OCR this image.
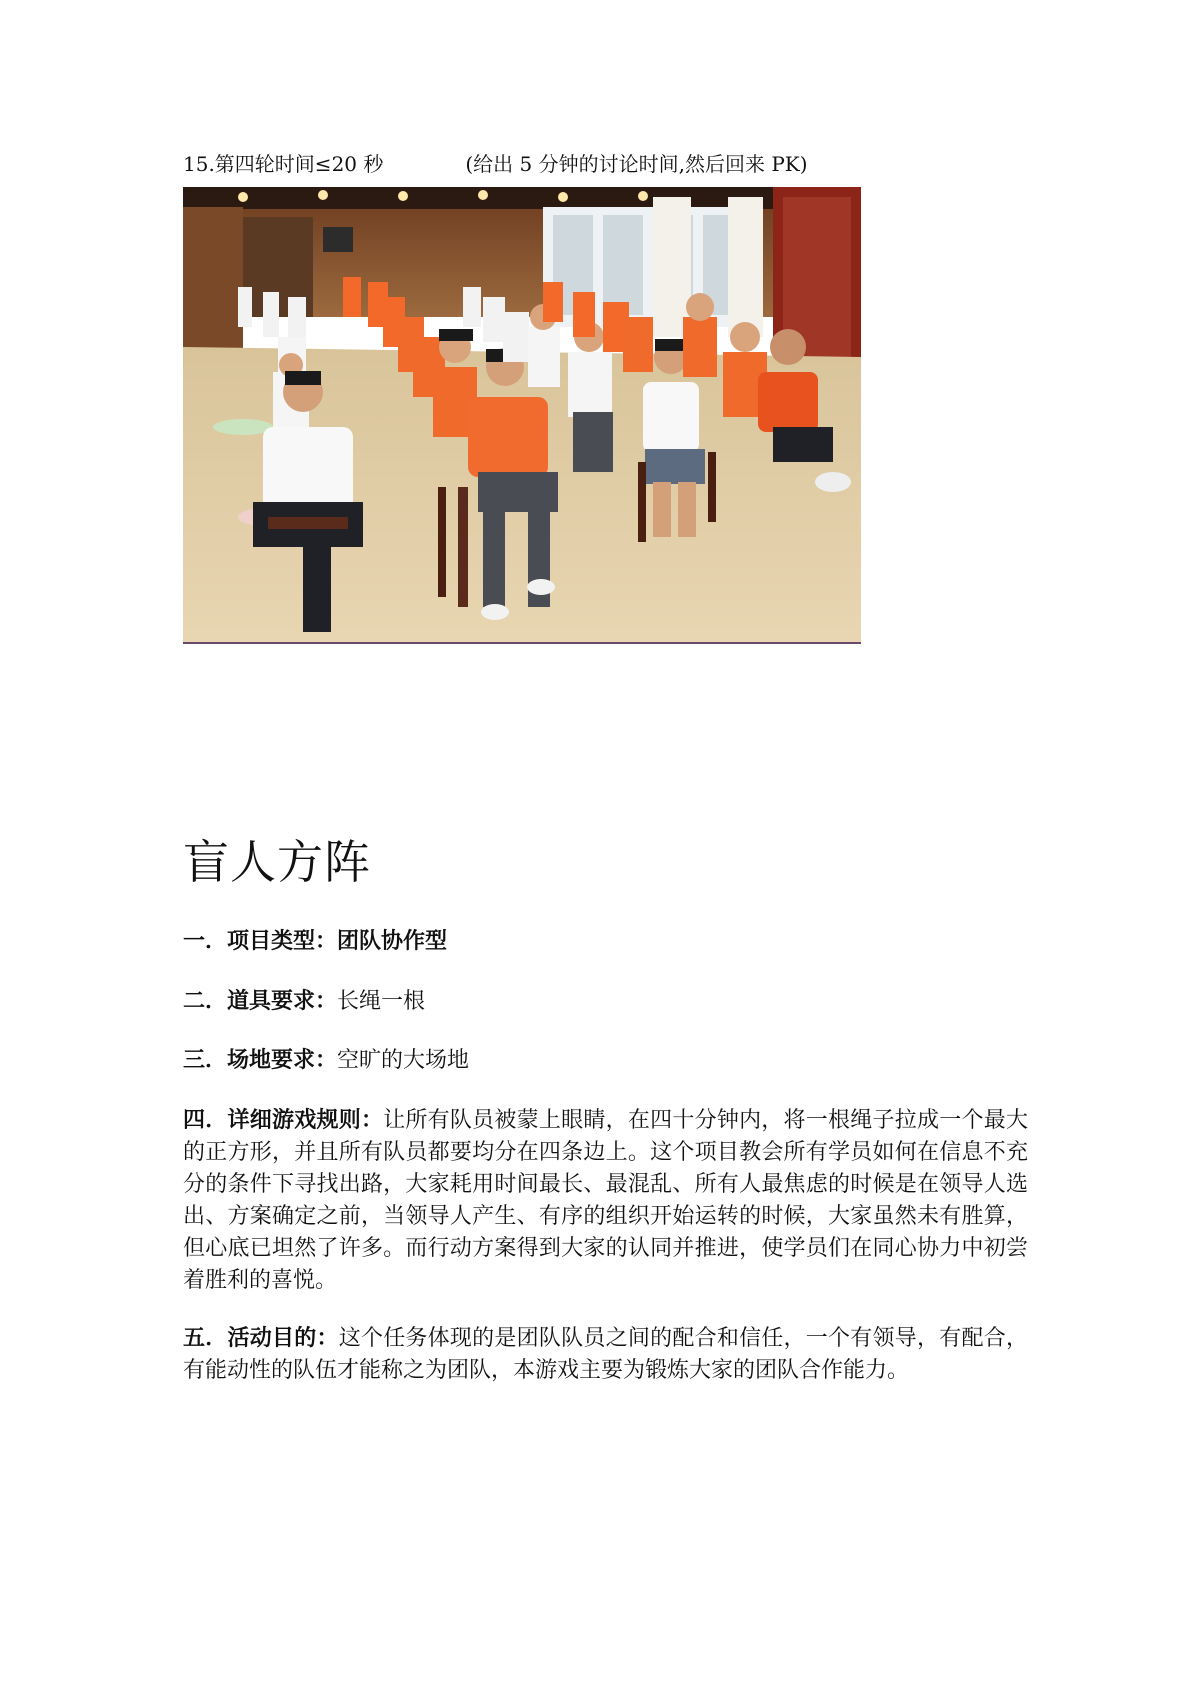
15.第四轮时间≤20 秒	(给出 5 分钟的讨论时间,然后回来 PK)
盲人方阵
一．项目类型：团队协作型
二．道具要求：长绳一根
三．场地要求：空旷的大场地
四．详细游戏规则：让所有队员被蒙上眼睛，在四十分钟内，将一根绳子拉成一个最大的正方形，并且所有队员都要均分在四条边上。这个项目教会所有学员如何在信息不充分的条件下寻找出路，大家耗用时间最长、最混乱、所有人最焦虑的时候是在领导人选出、方案确定之前，当领导人产生、有序的组织开始运转的时候，大家虽然未有胜算，但心底已坦然了许多。而行动方案得到大家的认同并推进，使学员们在同心协力中初尝着胜利的喜悦。
五．活动目的：这个任务体现的是团队队员之间的配合和信任，一个有领导，有配合，有能动性的队伍才能称之为团队，本游戏主要为锻炼大家的团队合作能力。
